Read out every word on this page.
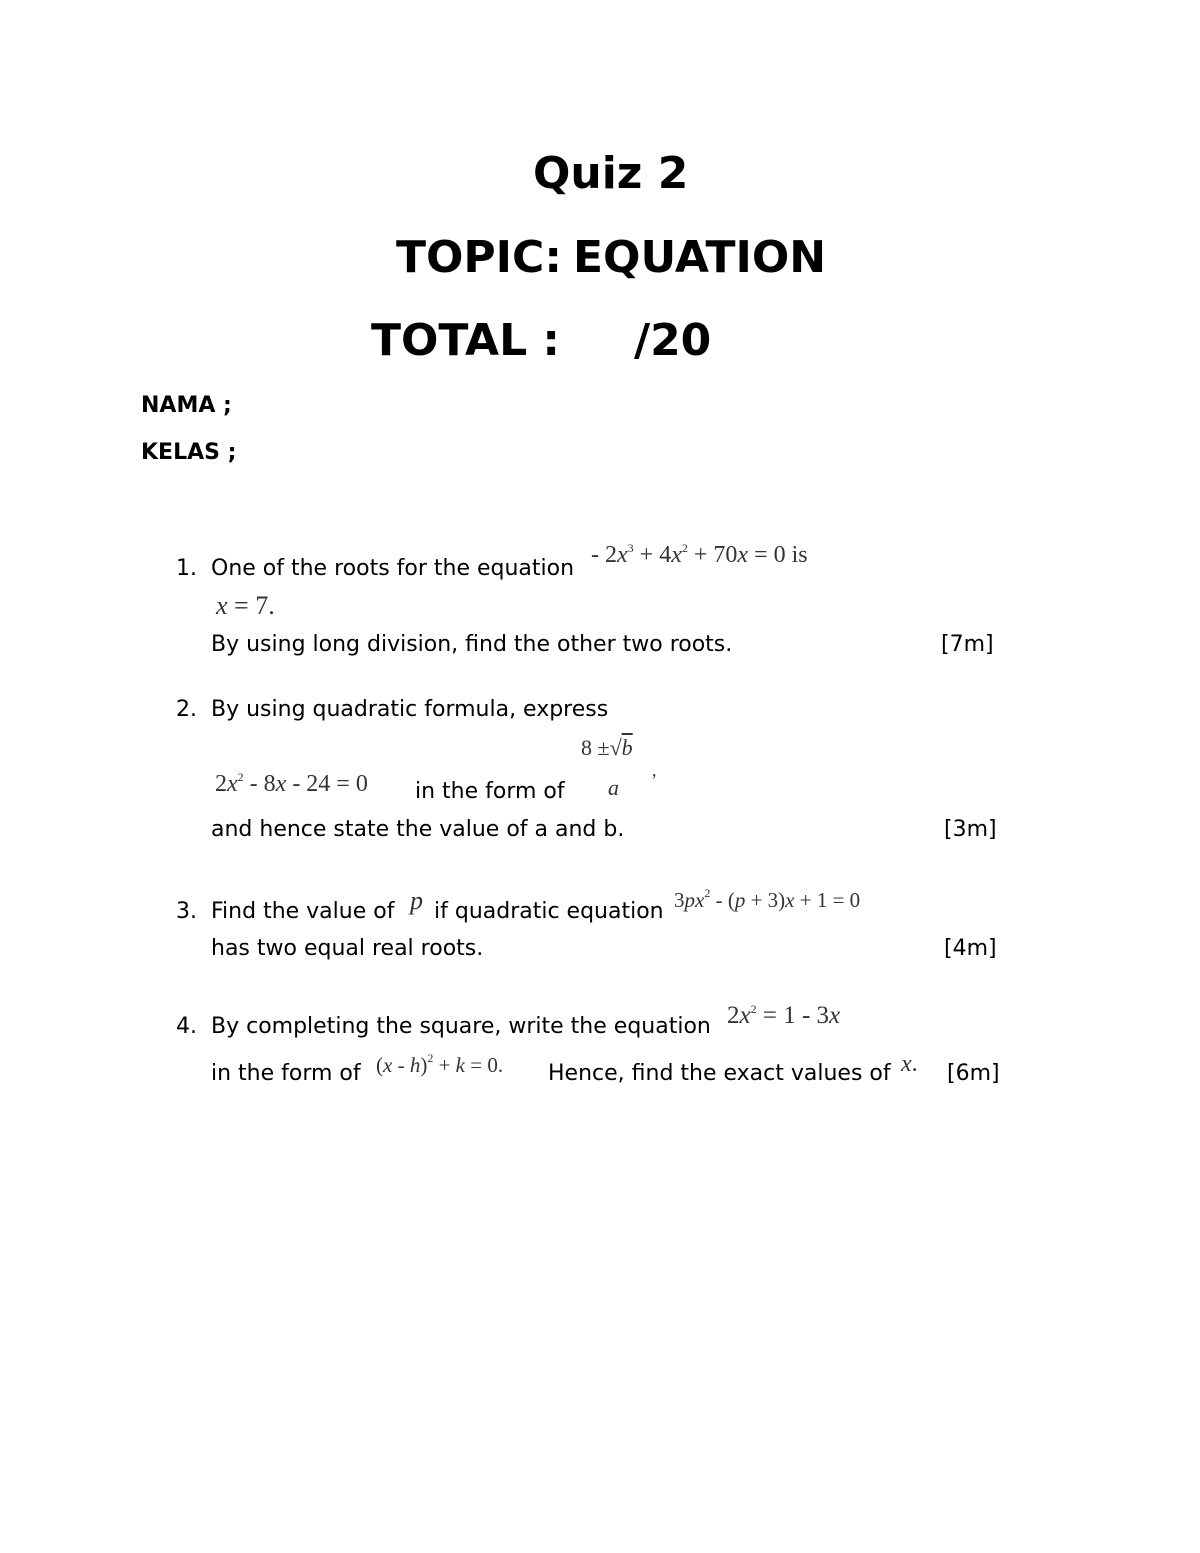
Quiz 2
TOPIC: EQUATION
TOTAL : /20
NAMA ;
KELAS ;
1. One of the roots for the equation
- $2x^3 + 4x^2 + 70x = 0$ is
x = 7.
By using long division, find the other two roots.	[7m]
2. By using quadratic formula, express
8 ±√b
,
$2x^2 - 8x - 24 = 0$ in the form of a
and hence state the value of a and b.	[3m]
3. Find the value of p if quadratic equation $3px^2 - (p + 3)x + 1 = 0$
has two equal real roots.	[4m]
4. By completing the square, write the equation $2x^2 = 1 - 3x$
in the form of (x - h)$^2$ + k = 0. Hence, find the exact values of x. [6m]
